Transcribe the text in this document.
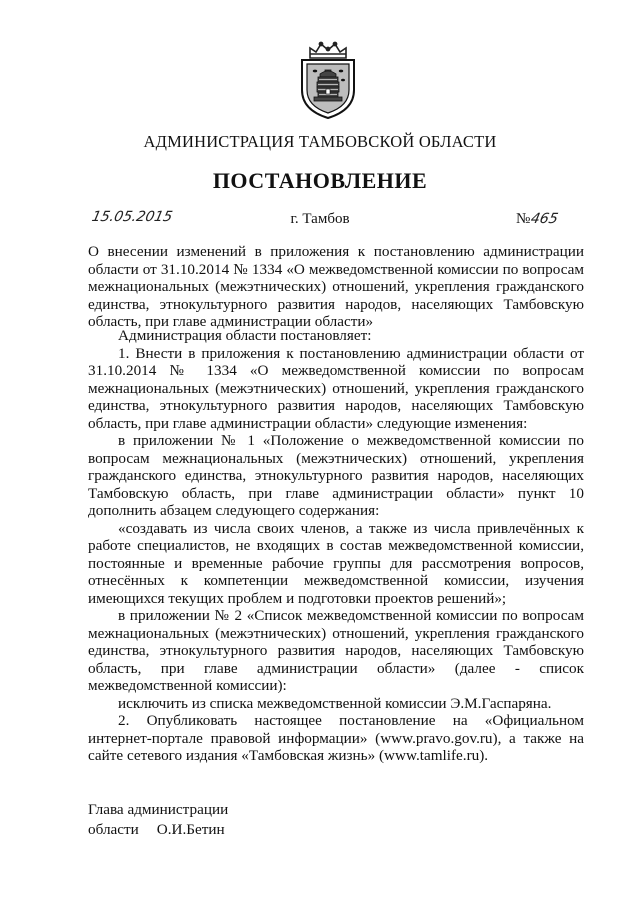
АДМИНИСТРАЦИЯ ТАМБОВСКОЙ ОБЛАСТИ
ПОСТАНОВЛЕНИЕ
15.05.2015	г. Тамбов	№465

О внесении изменений в приложения к постановлению администрации области от 31.10.2014 № 1334 «О межведомственной комиссии по вопросам межнациональных (межэтнических) отношений, укрепления гражданского единства, этнокультурного развития народов, населяющих Тамбовскую область, при главе администрации области»

Администрация области постановляет:

1. Внести в приложения к постановлению администрации области от 31.10.2014 № 1334 «О межведомственной комиссии по вопросам межнациональных (межэтнических) отношений, укрепления гражданского единства, этнокультурного развития народов, населяющих Тамбовскую область, при главе администрации области» следующие изменения:

в приложении № 1 «Положение о межведомственной комиссии по вопросам межнациональных (межэтнических) отношений, укрепления гражданского единства, этнокультурного развития народов, населяющих Тамбовскую область, при главе администрации области» пункт 10 дополнить абзацем следующего содержания:

«создавать из числа своих членов, а также из числа привлечённых к работе специалистов, не входящих в состав межведомственной комиссии, постоянные и временные рабочие группы для рассмотрения вопросов, отнесённых к компетенции межведомственной комиссии, изучения имеющихся текущих проблем и подготовки проектов решений»;

в приложении № 2 «Список межведомственной комиссии по вопросам межнациональных (межэтнических) отношений, укрепления гражданского единства, этнокультурного развития народов, населяющих Тамбовскую область, при главе администрации области» (далее - список межведомственной комиссии):

исключить из списка межведомственной комиссии Э.М.Гаспаряна.

2. Опубликовать настоящее постановление на «Официальном интернет-портале правовой информации» (www.pravo.gov.ru), а также на сайте сетевого издания «Тамбовская жизнь» (www.tamlife.ru).

Глава администрации
области О.И.Бетин
